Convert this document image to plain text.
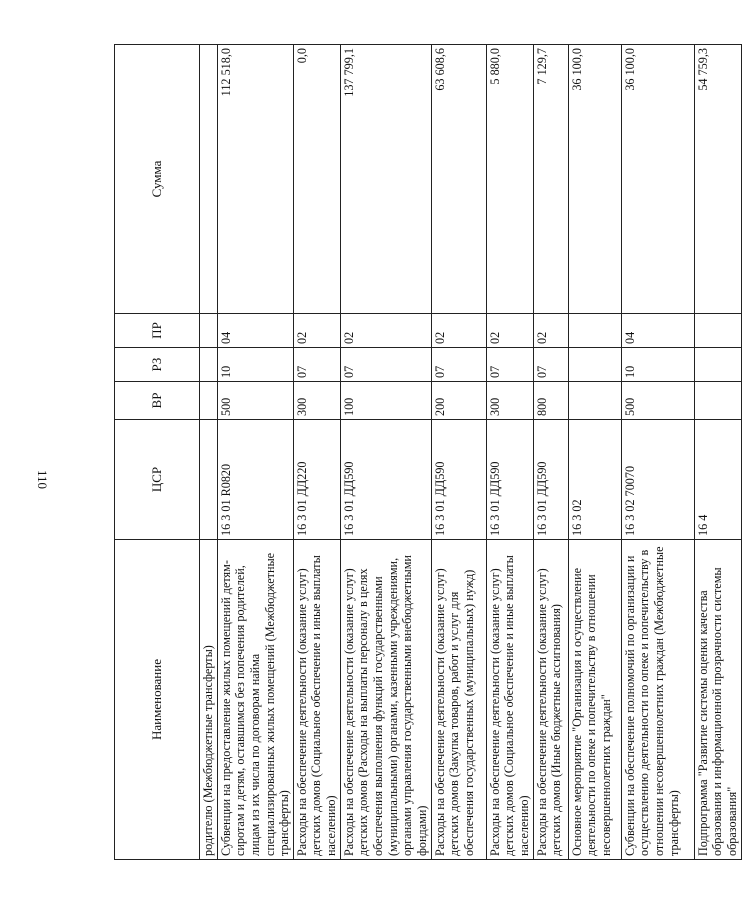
110
Наименование	ЦСР	ВР	РЗ	ПР	Сумма
родителю (Межбюджетные трансферты)					
Субвенции на предоставление жилых помещений детям-сиротам и детям, оставшимся без попечения родителей, лицам из их числа по договорам найма специализированных жилых помещений (Межбюджетные трансферты)	16 3 01 R0820	500	10	04	112 518,0
Расходы на обеспечение деятельности (оказание услуг) детских домов (Социальное обеспечение и иные выплаты населению)	16 3 01 ДД220	300	07	02	0,0
Расходы на обеспечение деятельности (оказание услуг) детских домов (Расходы на выплаты персоналу в целях обеспечения выполнения функций государственными (муниципальными) органами, казенными учреждениями, органами управления государственными внебюджетными фондами)	16 3 01 ДД590	100	07	02	137 799,1
Расходы на обеспечение деятельности (оказание услуг) детских домов (Закупка товаров, работ и услуг для обеспечения государственных (муниципальных) нужд)	16 3 01 ДД590	200	07	02	63 608,6
Расходы на обеспечение деятельности (оказание услуг) детских домов (Социальное обеспечение и иные выплаты населению)	16 3 01 ДД590	300	07	02	5 880,0
Расходы на обеспечение деятельности (оказание услуг) детских домов (Иные бюджетные ассигнования)	16 3 01 ДД590	800	07	02	7 129,7
Основное мероприятие "Организация и осуществление деятельности по опеке и попечительству в отношении несовершеннолетних граждан"	16 3 02				36 100,0
Субвенции на обеспечение полномочий по организации и осуществлению деятельности по опеке и попечительству в отношении несовершеннолетних граждан (Межбюджетные трансферты)	16 3 02 70070	500	10	04	36 100,0
Подпрограмма "Развитие системы оценки качества образования и информационной прозрачности системы образования"	16 4				54 759,3
